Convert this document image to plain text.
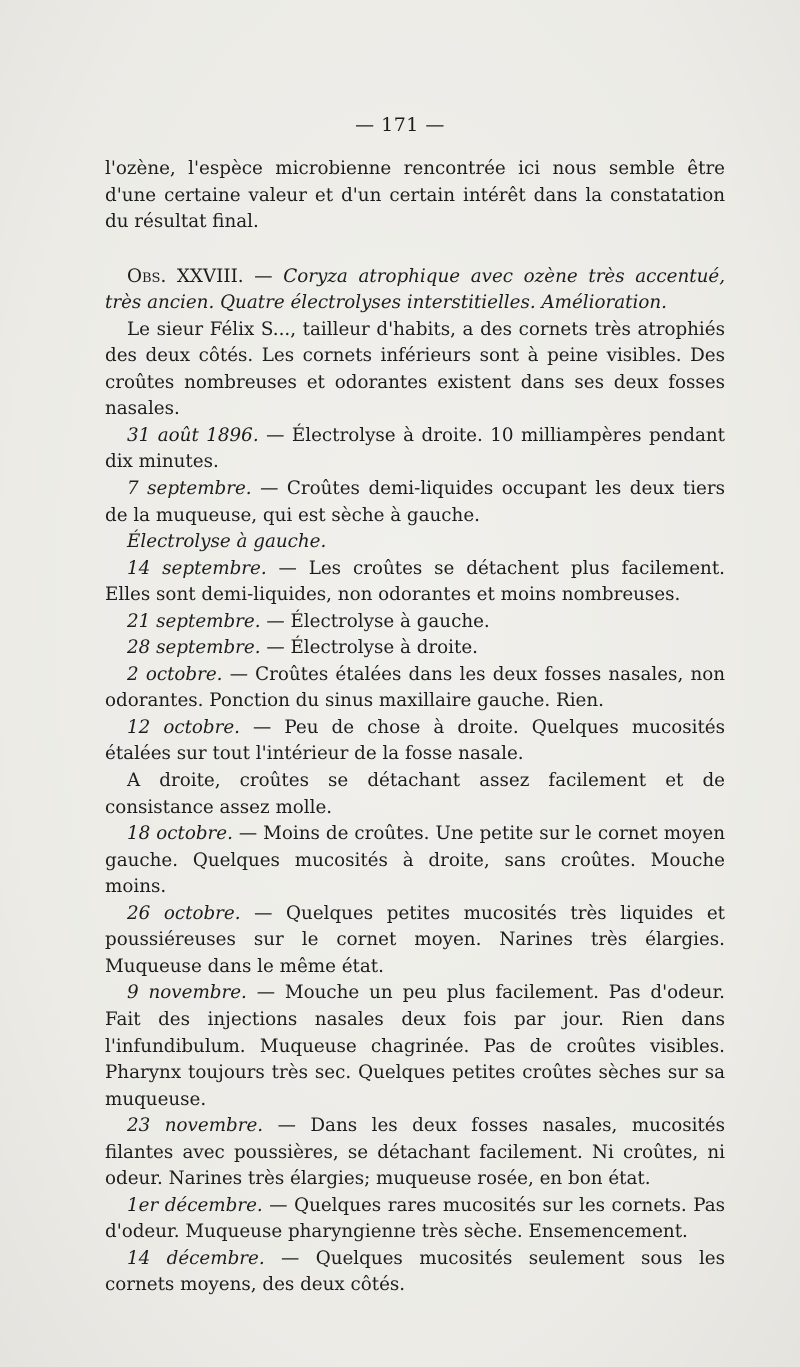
— 171 —

l'ozène, l'espèce microbienne rencontrée ici nous semble être d'une certaine valeur et d'un certain intérêt dans la constatation du résultat final.

Obs. XXVIII. — Coryza atrophique avec ozène très accentué, très ancien. Quatre électrolyses interstitielles. Amélioration.

Le sieur Félix S..., tailleur d'habits, a des cornets très atrophiés des deux côtés. Les cornets inférieurs sont à peine visibles. Des croûtes nombreuses et odorantes existent dans ses deux fosses nasales.

31 août 1896. — Électrolyse à droite. 10 milliampères pendant dix minutes.

7 septembre. — Croûtes demi-liquides occupant les deux tiers de la muqueuse, qui est sèche à gauche.

Électrolyse à gauche.

14 septembre. — Les croûtes se détachent plus facilement. Elles sont demi-liquides, non odorantes et moins nombreuses.

21 septembre. — Électrolyse à gauche.

28 septembre. — Électrolyse à droite.

2 octobre. — Croûtes étalées dans les deux fosses nasales, non odorantes. Ponction du sinus maxillaire gauche. Rien.

12 octobre. — Peu de chose à droite. Quelques mucosités étalées sur tout l'intérieur de la fosse nasale.

A droite, croûtes se détachant assez facilement et de consistance assez molle.

18 octobre. — Moins de croûtes. Une petite sur le cornet moyen gauche. Quelques mucosités à droite, sans croûtes. Mouche moins.

26 octobre. — Quelques petites mucosités très liquides et poussiéreuses sur le cornet moyen. Narines très élargies. Muqueuse dans le même état.

9 novembre. — Mouche un peu plus facilement. Pas d'odeur. Fait des injections nasales deux fois par jour. Rien dans l'infundibulum. Muqueuse chagrinée. Pas de croûtes visibles. Pharynx toujours très sec. Quelques petites croûtes sèches sur sa muqueuse.

23 novembre. — Dans les deux fosses nasales, mucosités filantes avec poussières, se détachant facilement. Ni croûtes, ni odeur. Narines très élargies; muqueuse rosée, en bon état.

1er décembre. — Quelques rares mucosités sur les cornets. Pas d'odeur. Muqueuse pharyngienne très sèche. Ensemencement.

14 décembre. — Quelques mucosités seulement sous les cornets moyens, des deux côtés.
